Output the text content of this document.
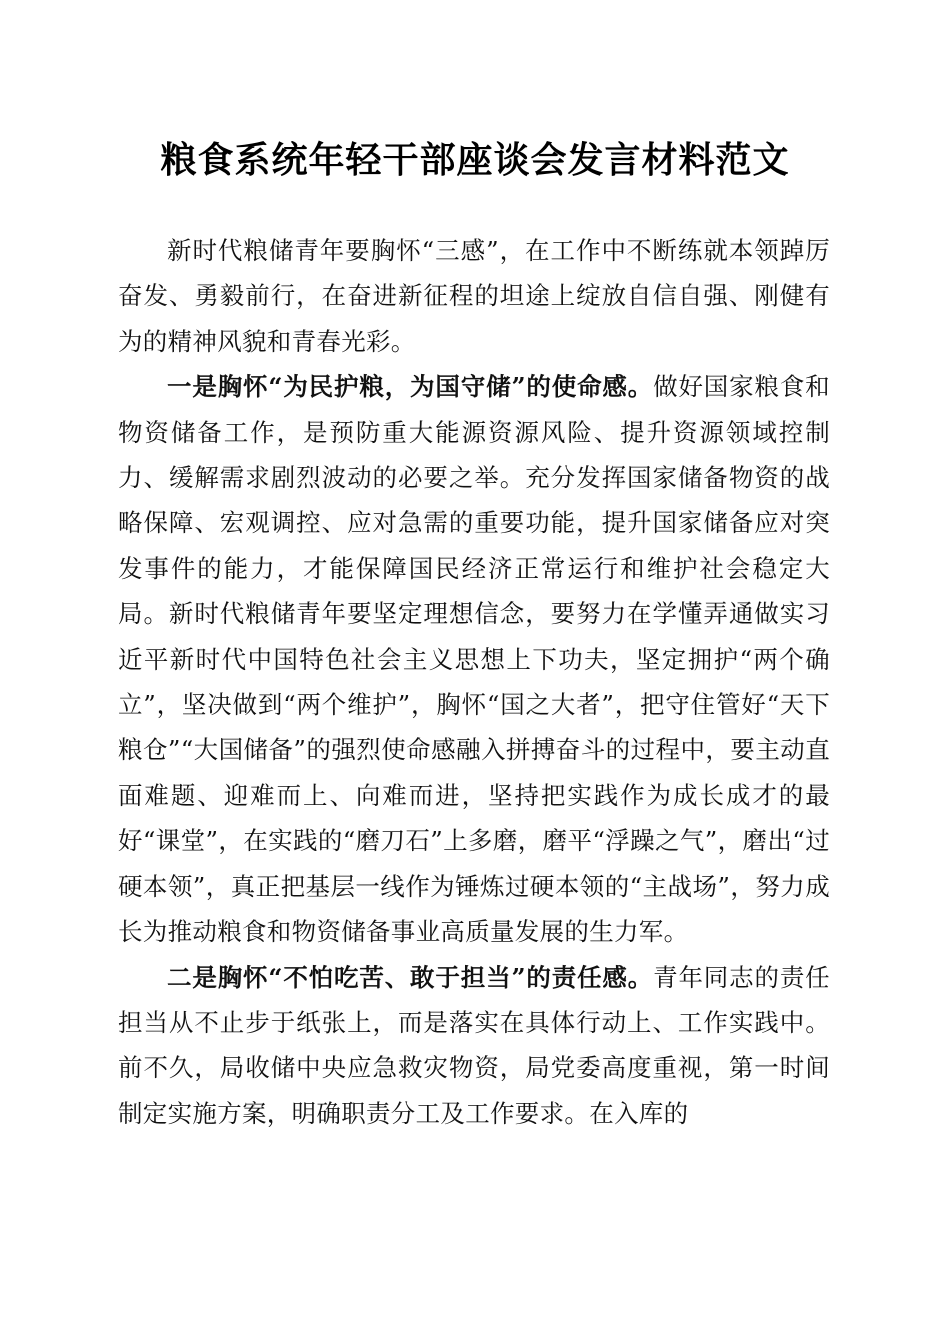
粮食系统年轻干部座谈会发言材料范文

新时代粮储青年要胸怀“三感”，在工作中不断练就本领踔厉奋发、勇毅前行，在奋进新征程的坦途上绽放自信自强、刚健有为的精神风貌和青春光彩。

一是胸怀“为民护粮，为国守储”的使命感。做好国家粮食和物资储备工作，是预防重大能源资源风险、提升资源领域控制力、缓解需求剧烈波动的必要之举。充分发挥国家储备物资的战略保障、宏观调控、应对急需的重要功能，提升国家储备应对突发事件的能力，才能保障国民经济正常运行和维护社会稳定大局。新时代粮储青年要坚定理想信念，要努力在学懂弄通做实习近平新时代中国特色社会主义思想上下功夫，坚定拥护“两个确立”，坚决做到“两个维护”，胸怀“国之大者”，把守住管好“天下粮仓”“大国储备”的强烈使命感融入拼搏奋斗的过程中，要主动直面难题、迎难而上、向难而进，坚持把实践作为成长成才的最好“课堂”，在实践的“磨刀石”上多磨，磨平“浮躁之气”，磨出“过硬本领”，真正把基层一线作为锤炼过硬本领的“主战场”，努力成长为推动粮食和物资储备事业高质量发展的生力军。

二是胸怀“不怕吃苦、敢于担当”的责任感。青年同志的责任担当从不止步于纸张上，而是落实在具体行动上、工作实践中。前不久，局收储中央应急救灾物资，局党委高度重视，第一时间制定实施方案，明确职责分工及工作要求。在入库的
